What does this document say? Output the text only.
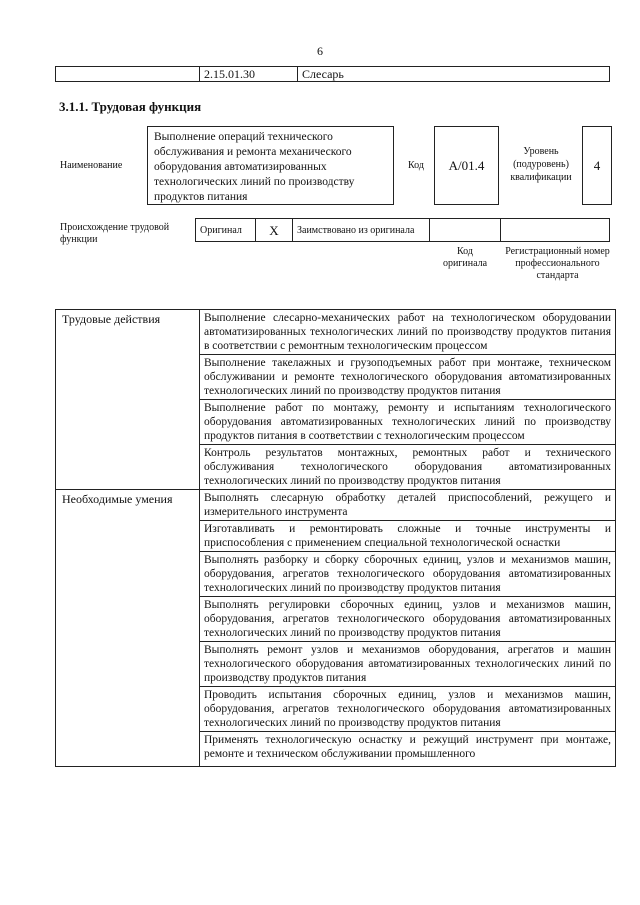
6
	2.15.01.30	Слесарь
3.1.1. Трудовая функция
Наименование
Выполнение операций технического обслуживания и ремонта механического оборудования автоматизированных технологических линий по производству продуктов питания
Код A/01.4
Уровень (подуровень) квалификации
4
Происхождение трудовой функции
Оригинал	X	Заимствовано из оригинала		
Код оригинала
Регистрационный номер профессионального стандарта
Трудовые действия	Выполнение слесарно-механических работ на технологическом оборудовании автоматизированных технологических линий по производству продуктов питания в соответствии с ремонтным технологическим процессом
	Выполнение такелажных и грузоподъемных работ при монтаже, техническом обслуживании и ремонте технологического оборудования автоматизированных технологических линий по производству продуктов питания
	Выполнение работ по монтажу, ремонту и испытаниям технологического оборудования автоматизированных технологических линий по производству продуктов питания в соответствии с технологическим процессом
	Контроль результатов монтажных, ремонтных работ и технического обслуживания технологического оборудования автоматизированных технологических линий по производству продуктов питания
Необходимые умения	Выполнять слесарную обработку деталей приспособлений, режущего и измерительного инструмента
	Изготавливать и ремонтировать сложные и точные инструменты и приспособления с применением специальной технологической оснастки
	Выполнять разборку и сборку сборочных единиц, узлов и механизмов машин, оборудования, агрегатов технологического оборудования автоматизированных технологических линий по производству продуктов питания
	Выполнять регулировки сборочных единиц, узлов и механизмов машин, оборудования, агрегатов технологического оборудования автоматизированных технологических линий по производству продуктов питания
	Выполнять ремонт узлов и механизмов оборудования, агрегатов и машин технологического оборудования автоматизированных технологических линий по производству продуктов питания
	Проводить испытания сборочных единиц, узлов и механизмов машин, оборудования, агрегатов технологического оборудования автоматизированных технологических линий по производству продуктов питания
	Применять технологическую оснастку и режущий инструмент при монтаже, ремонте и техническом обслуживании промышленного
